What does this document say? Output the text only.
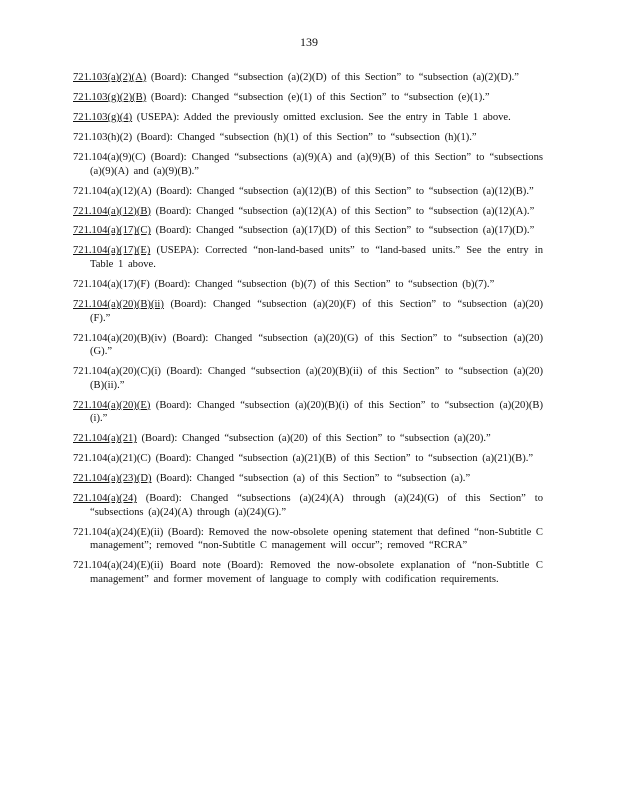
139
721.103(a)(2)(A) (Board): Changed “subsection (a)(2)(D) of this Section” to “subsection (a)(2)(D).”
721.103(g)(2)(B) (Board): Changed “subsection (e)(1) of this Section” to “subsection (e)(1).”
721.103(g)(4) (USEPA): Added the previously omitted exclusion. See the entry in Table 1 above.
721.103(h)(2) (Board): Changed “subsection (h)(1) of this Section” to “subsection (h)(1).”
721.104(a)(9)(C) (Board): Changed “subsections (a)(9)(A) and (a)(9)(B) of this Section” to “subsections (a)(9)(A) and (a)(9)(B).”
721.104(a)(12)(A) (Board): Changed “subsection (a)(12)(B) of this Section” to “subsection (a)(12)(B).”
721.104(a)(12)(B) (Board): Changed “subsection (a)(12)(A) of this Section” to “subsection (a)(12)(A).”
721.104(a)(17)(C) (Board): Changed “subsection (a)(17)(D) of this Section” to “subsection (a)(17)(D).”
721.104(a)(17)(E) (USEPA): Corrected “non-land-based units” to “land-based units.” See the entry in Table 1 above.
721.104(a)(17)(F) (Board): Changed “subsection (b)(7) of this Section” to “subsection (b)(7).”
721.104(a)(20)(B)(ii) (Board): Changed “subsection (a)(20)(F) of this Section” to “subsection (a)(20)(F).”
721.104(a)(20)(B)(iv) (Board): Changed “subsection (a)(20)(G) of this Section” to “subsection (a)(20)(G).”
721.104(a)(20)(C)(i) (Board): Changed “subsection (a)(20)(B)(ii) of this Section” to “subsection (a)(20)(B)(ii).”
721.104(a)(20)(E) (Board): Changed “subsection (a)(20)(B)(i) of this Section” to “subsection (a)(20)(B)(i).”
721.104(a)(21) (Board): Changed “subsection (a)(20) of this Section” to “subsection (a)(20).”
721.104(a)(21)(C) (Board): Changed “subsection (a)(21)(B) of this Section” to “subsection (a)(21)(B).”
721.104(a)(23)(D) (Board): Changed “subsection (a) of this Section” to “subsection (a).”
721.104(a)(24) (Board): Changed “subsections (a)(24)(A) through (a)(24)(G) of this Section” to “subsections (a)(24)(A) through (a)(24)(G).”
721.104(a)(24)(E)(ii) (Board): Removed the now-obsolete opening statement that defined “non-Subtitle C management”; removed “non-Subtitle C management will occur”; removed “RCRA”
721.104(a)(24)(E)(ii) Board note (Board): Removed the now-obsolete explanation of “non-Subtitle C management” and former movement of language to comply with codification requirements.
